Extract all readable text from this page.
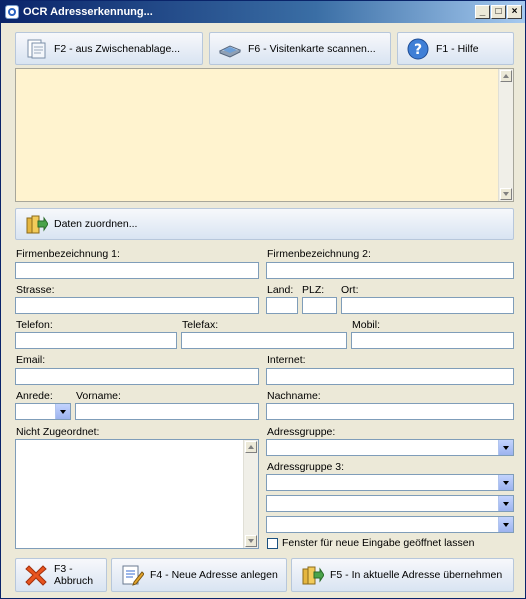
OCR Adresserkennung...	_	□	×
F2 - aus Zwischenablage...	F6 - Visitenkarte scannen...	? F1 - Hilfe
Daten zuordnen...
Firmenbezeichnung 1:	Firmenbezeichnung 2:
Strasse:	Land: PLZ: Ort:
Telefon:	Telefax:	Mobil:
Email:	Internet:
Anrede: Vorname:	Nachname:
Nicht Zugeordnet:	Adressgruppe:
Adressgruppe 3:
Fenster für neue Eingabe geöffnet lassen
F3 - Abbruch	F4 - Neue Adresse anlegen	F5 - In aktuelle Adresse übernehmen
